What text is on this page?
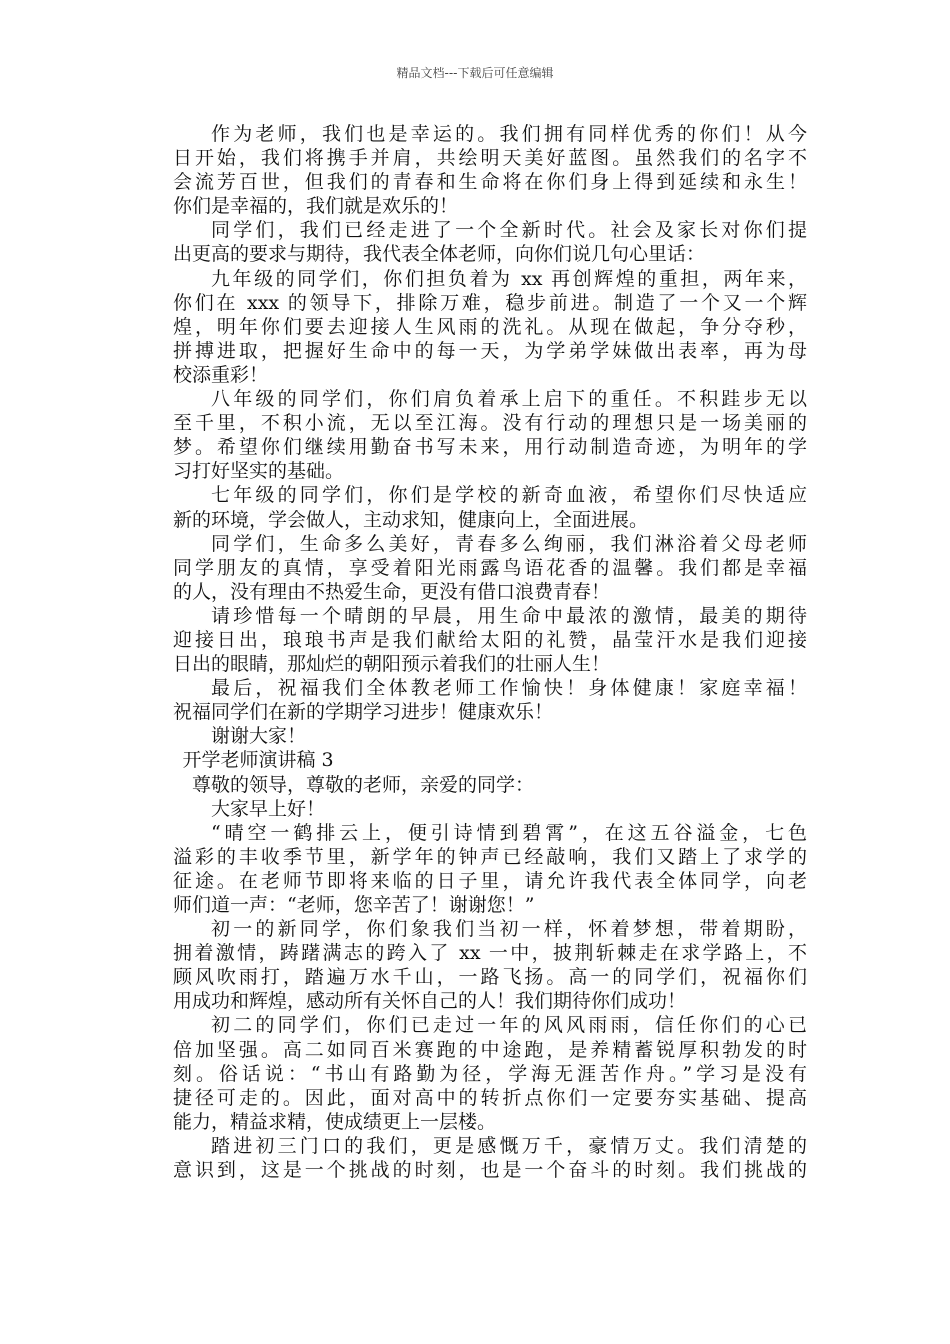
精品文档---下载后可任意编辑
作为老师，我们也是幸运的。我们拥有同样优秀的你们！从今
日开始，我们将携手并肩，共绘明天美好蓝图。虽然我们的名字不
会流芳百世，但我们的青春和生命将在你们身上得到延续和永生！
你们是幸福的，我们就是欢乐的！
同学们，我们已经走进了一个全新时代。社会及家长对你们提
出更高的要求与期待，我代表全体老师，向你们说几句心里话：
九年级的同学们，你们担负着为 xx 再创辉煌的重担，两年来，
你们在 xxx 的领导下，排除万难，稳步前进。制造了一个又一个辉
煌，明年你们要去迎接人生风雨的洗礼。从现在做起，争分夺秒，
拼搏进取，把握好生命中的每一天，为学弟学妹做出表率，再为母
校添重彩！
八年级的同学们，你们肩负着承上启下的重任。不积跬步无以
至千里，不积小流，无以至江海。没有行动的理想只是一场美丽的
梦。希望你们继续用勤奋书写未来，用行动制造奇迹，为明年的学
习打好坚实的基础。
七年级的同学们，你们是学校的新奇血液，希望你们尽快适应
新的环境，学会做人，主动求知，健康向上，全面进展。
同学们，生命多么美好，青春多么绚丽，我们淋浴着父母老师
同学朋友的真情，享受着阳光雨露鸟语花香的温馨。我们都是幸福
的人，没有理由不热爱生命，更没有借口浪费青春！
请珍惜每一个晴朗的早晨，用生命中最浓的激情，最美的期待
迎接日出，琅琅书声是我们献给太阳的礼赞，晶莹汗水是我们迎接
日出的眼睛，那灿烂的朝阳预示着我们的壮丽人生！
最后，祝福我们全体教老师工作愉快！身体健康！家庭幸福！
祝福同学们在新的学期学习进步！健康欢乐！
谢谢大家！
开学老师演讲稿 3
尊敬的领导，尊敬的老师，亲爱的同学：
大家早上好！
“晴空一鹤排云上，便引诗情到碧霄”，在这五谷溢金，七色
溢彩的丰收季节里，新学年的钟声已经敲响，我们又踏上了求学的
征途。在老师节即将来临的日子里，请允许我代表全体同学，向老
师们道一声：“老师，您辛苦了！谢谢您！”
初一的新同学，你们象我们当初一样，怀着梦想，带着期盼，
拥着激情，踌躇满志的跨入了 xx 一中，披荆斩棘走在求学路上，不
顾风吹雨打，踏遍万水千山，一路飞扬。高一的同学们，祝福你们
用成功和辉煌，感动所有关怀自己的人！我们期待你们成功！
初二的同学们，你们已走过一年的风风雨雨，信任你们的心已
倍加坚强。高二如同百米赛跑的中途跑，是养精蓄锐厚积勃发的时
刻。俗话说：“书山有路勤为径，学海无涯苦作舟。”学习是没有
捷径可走的。因此，面对高中的转折点你们一定要夯实基础、提高
能力，精益求精，使成绩更上一层楼。
踏进初三门口的我们，更是感慨万千，豪情万丈。我们清楚的
意识到，这是一个挑战的时刻，也是一个奋斗的时刻。我们挑战的
